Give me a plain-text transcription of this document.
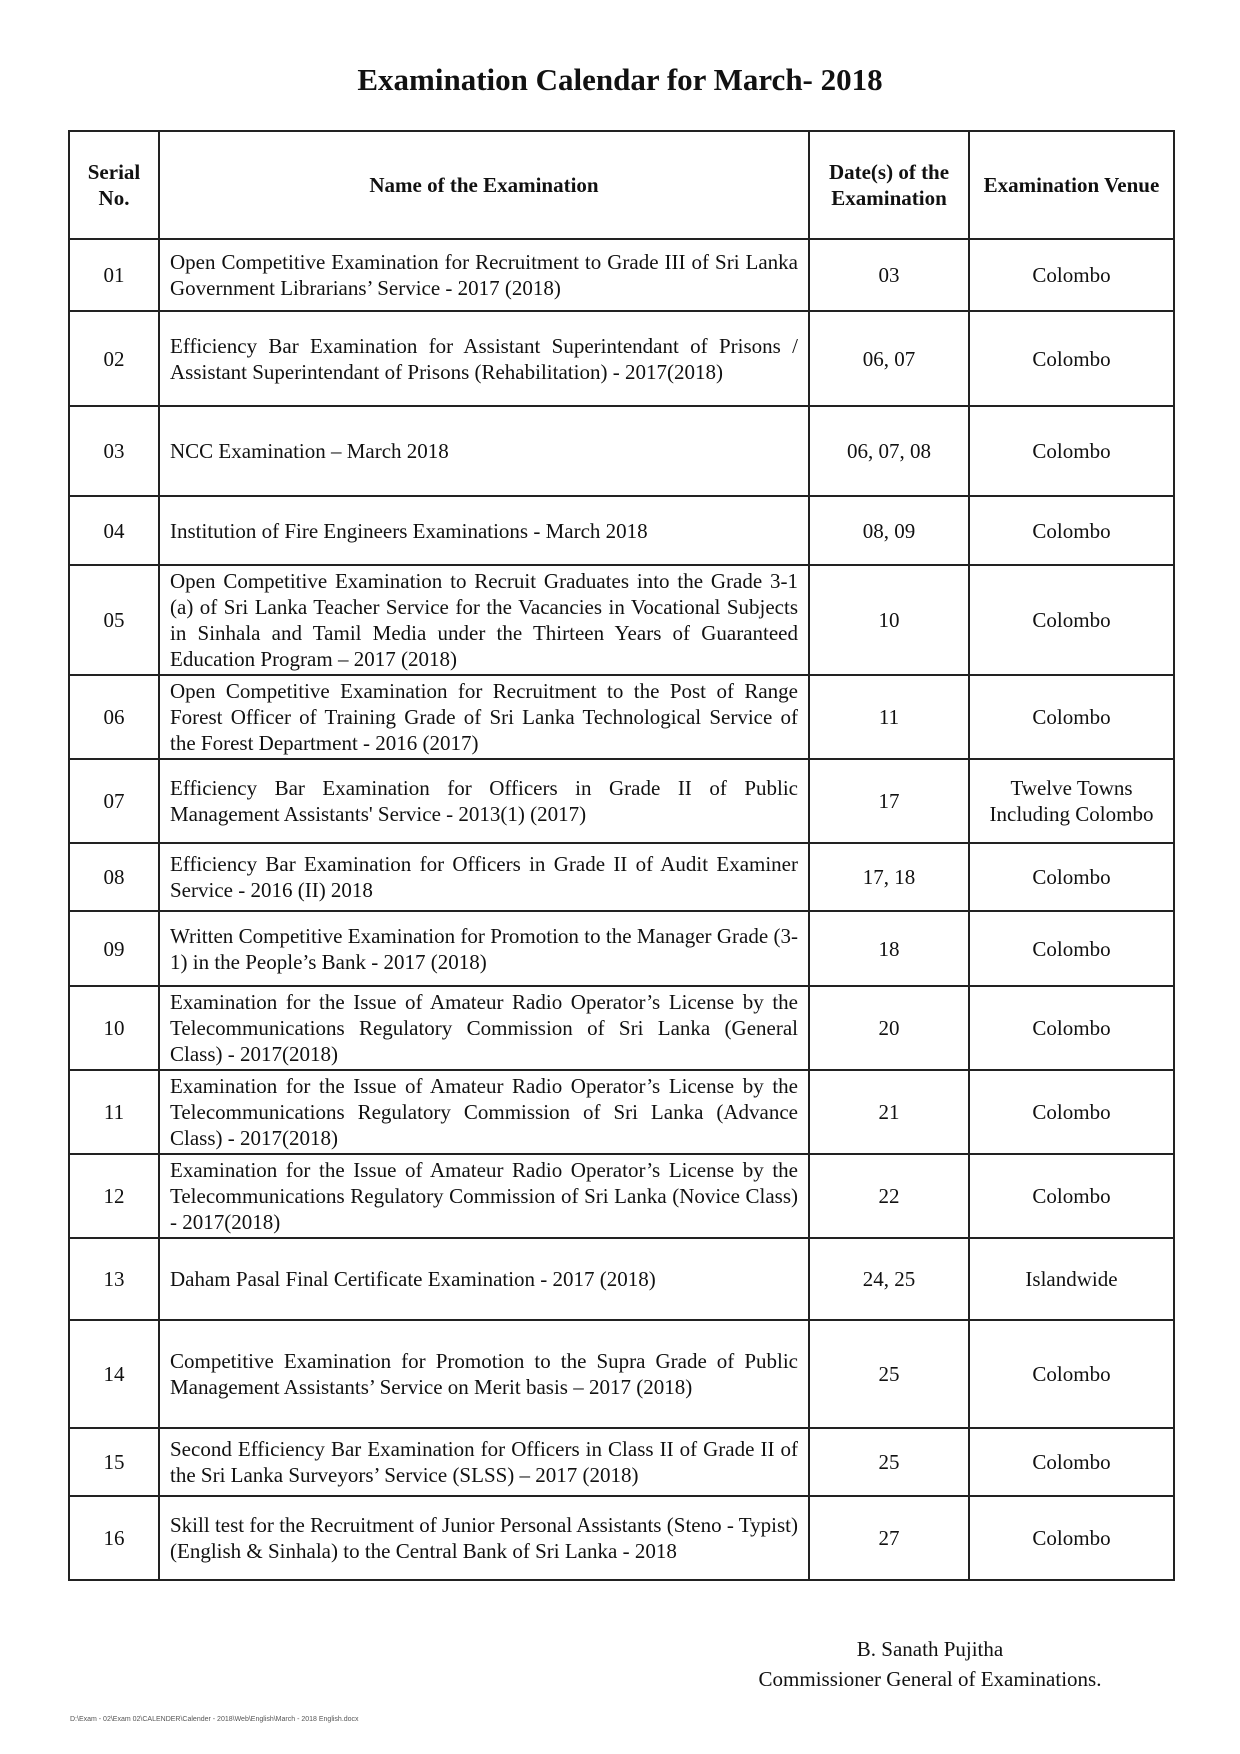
Examination Calendar for March- 2018
Serial No.	Name of the Examination	Date(s) of the Examination	Examination Venue
01	Open Competitive Examination for Recruitment to Grade III of Sri Lanka Government Librarians’ Service - 2017 (2018)	03	Colombo
02	Efficiency Bar Examination for Assistant Superintendant of Prisons / Assistant Superintendant of Prisons (Rehabilitation) - 2017(2018)	06, 07	Colombo
03	NCC Examination – March 2018	06, 07, 08	Colombo
04	Institution of Fire Engineers Examinations - March 2018	08, 09	Colombo
05	Open Competitive Examination to Recruit Graduates into the Grade 3-1 (a) of Sri Lanka Teacher Service for the Vacancies in Vocational Subjects in Sinhala and Tamil Media under the Thirteen Years of Guaranteed Education Program – 2017 (2018)	10	Colombo
06	Open Competitive Examination for Recruitment to the Post of Range Forest Officer of Training Grade of Sri Lanka Technological Service of the Forest Department - 2016 (2017)	11	Colombo
07	Efficiency Bar Examination for Officers in Grade II of Public Management Assistants' Service - 2013(1) (2017)	17	Twelve Towns Including Colombo
08	Efficiency Bar Examination for Officers in Grade II of Audit Examiner Service - 2016 (II) 2018	17, 18	Colombo
09	Written Competitive Examination for Promotion to the Manager Grade (3-1) in the People’s Bank - 2017 (2018)	18	Colombo
10	Examination for the Issue of Amateur Radio Operator’s License by the Telecommunications Regulatory Commission of Sri Lanka (General Class) - 2017(2018)	20	Colombo
11	Examination for the Issue of Amateur Radio Operator’s License by the Telecommunications Regulatory Commission of Sri Lanka (Advance Class) - 2017(2018)	21	Colombo
12	Examination for the Issue of Amateur Radio Operator’s License by the Telecommunications Regulatory Commission of Sri Lanka (Novice Class) - 2017(2018)	22	Colombo
13	Daham Pasal Final Certificate Examination - 2017 (2018)	24, 25	Islandwide
14	Competitive Examination for Promotion to the Supra Grade of Public Management Assistants’ Service on Merit basis – 2017 (2018)	25	Colombo
15	Second Efficiency Bar Examination for Officers in Class II of Grade II of the Sri Lanka Surveyors’ Service (SLSS) – 2017 (2018)	25	Colombo
16	Skill test for the Recruitment of Junior Personal Assistants (Steno - Typist) (English & Sinhala) to the Central Bank of Sri Lanka - 2018	27	Colombo
B. Sanath Pujitha
Commissioner General of Examinations.
D:\Exam - 02\Exam 02\CALENDER\Calender - 2018\Web\English\March - 2018 English.docx
